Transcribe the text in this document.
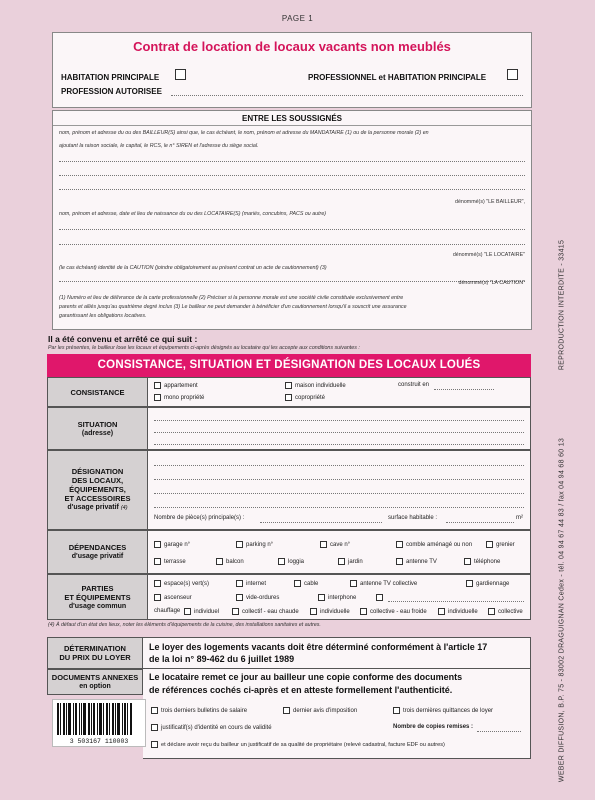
PAGE 1
Contrat de location de locaux vacants non meublés
HABITATION PRINCIPALE	PROFESSIONNEL et HABITATION PRINCIPALE
PROFESSION AUTORISEE
ENTRE LES SOUSSIGNÉS
nom, prénom et adresse du ou des BAILLEUR(S) ainsi que, le cas échéant, le nom, prénom et adresse du MANDATAIRE (1) ou de la personne morale (2) en
ajoutant la raison sociale, le capital, le RCS, le n° SIREN et l'adresse du siège social.
dénommé(s) "LE BAILLEUR",
nom, prénom et adresse, date et lieu de naissance du ou des LOCATAIRE(S) (mariés, concubins, PACS ou autre)
dénommé(s) "LE LOCATAIRE"
(le cas échéant) identité de la CAUTION (joindre obligatoirement au présent contrat un acte de cautionnement) (3)
dénommé(s) "LA CAUTION"
(1) Numéro et lieu de délivrance de la carte professionnelle (2) Préciser si la personne morale est une société civile constituée exclusivement entre
parents et alliés jusqu'au quatrième degré inclus (3) Le bailleur ne peut demander à bénéficier d'un cautionnement lorsqu'il a souscrit une assurance
garantissant les obligations locatives.
Il a été convenu et arrêté ce qui suit :
Par les présentes, le bailleur loue les locaux et équipements ci-après désignés au locataire qui les accepte aux conditions suivantes :
CONSISTANCE, SITUATION ET DÉSIGNATION DES LOCAUX LOUÉS
CONSISTANCE
appartement	maison individuelle	construit en
mono propriété	copropriété
SITUATION
(adresse)
DÉSIGNATION
DES LOCAUX,
ÉQUIPEMENTS,
ET ACCESSOIRES
d'usage privatif (4)
Nombre de pièce(s) principale(s) :	surface habitable :	m²
DÉPENDANCES
d'usage privatif
garage n°	parking n°	cave n°	comble aménagé ou non	grenier
terrasse	balcon	loggia	jardin	antenne TV	téléphone
PARTIES
ET ÉQUIPEMENTS
d'usage commun
espace(s) vert(s)	internet	cable	antenne TV collective	gardiennage
ascenseur	vide-ordures	interphone
chauffage	individuel	collectif - eau chaude	individuelle	collective - eau froide	individuelle	collective
(4) À défaut d'un état des lieux, noter les éléments d'équipements de la cuisine, des installations sanitaires et autres.
DÉTERMINATION
DU PRIX DU LOYER
Le loyer des logements vacants doit être déterminé conformément à l'article 17
de la loi n° 89-462 du 6 juillet 1989
DOCUMENTS ANNEXES
en option
Le locataire remet ce jour au bailleur une copie conforme des documents
de références cochés ci-après et en atteste formellement l'authenticité.
trois derniers bulletins de salaire	dernier avis d'imposition	trois dernières quittances de loyer
justificatif(s) d'identité en cours de validité	Nombre de copies remises :
et déclare avoir reçu du bailleur un justificatif de sa qualité de propriétaire (relevé cadastral, facture EDF ou autres)
3 503167 110003	WEBER DIFFUSION, B.P. 75 - 83002 DRAGUIGNAN Cedex - tél. 04 94 67 44 83 / fax 04 94 68 60 13
REPRODUCTION INTERDITE - 33415
